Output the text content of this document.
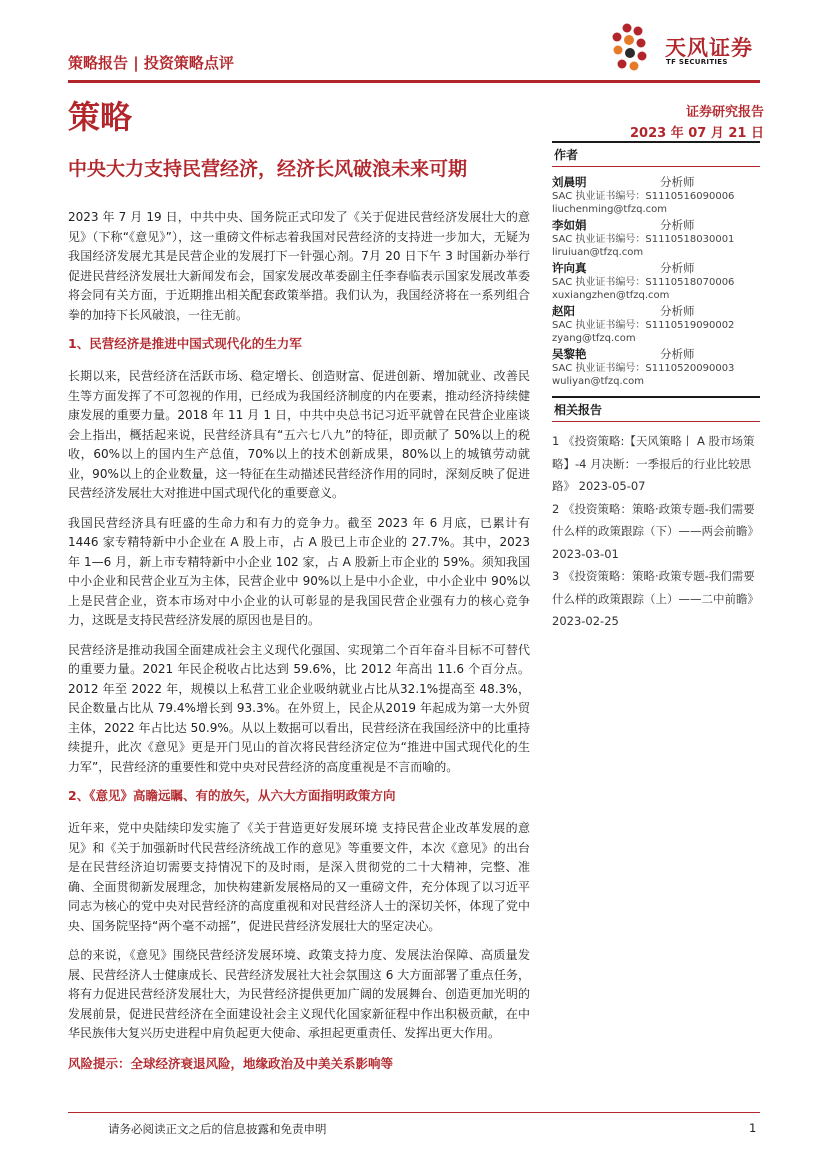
策略报告 | 投资策略点评
天风证券
TF SECURITIES
策略	证券研究报告
2023 年 07 月 21 日
中央大力支持民营经济，经济长风破浪未来可期

2023 年 7 月 19 日，中共中央、国务院正式印发了《关于促进民营经济发展壮大的意见》（下称“《意见》”），这一重磅文件标志着我国对民营经济的支持进一步加大，无疑为我国经济发展尤其是民营企业的发展打下一针强心剂。7月 20 日下午 3 时国新办举行促进民营经济发展壮大新闻发布会，国家发展改革委副主任李春临表示国家发展改革委将会同有关方面，于近期推出相关配套政策举措。我们认为，我国经济将在一系列组合拳的加持下长风破浪，一往无前。

1、民营经济是推进中国式现代化的生力军

长期以来，民营经济在活跃市场、稳定增长、创造财富、促进创新、增加就业、改善民生等方面发挥了不可忽视的作用，已经成为我国经济制度的内在要素，推动经济持续健康发展的重要力量。2018 年 11 月 1 日，中共中央总书记习近平就曾在民营企业座谈会上指出，概括起来说，民营经济具有“五六七八九”的特征，即贡献了 50%以上的税收，60%以上的国内生产总值，70%以上的技术创新成果，80%以上的城镇劳动就业，90%以上的企业数量，这一特征在生动描述民营经济作用的同时，深刻反映了促进民营经济发展壮大对推进中国式现代化的重要意义。

我国民营经济具有旺盛的生命力和有力的竞争力。截至 2023 年 6 月底，已累计有 1446 家专精特新中小企业在 A 股上市，占 A 股已上市企业的 27.7%。其中，2023 年 1—6 月，新上市专精特新中小企业 102 家，占 A 股新上市企业的 59%。须知我国中小企业和民营企业互为主体，民营企业中 90%以上是中小企业，中小企业中 90%以上是民营企业，资本市场对中小企业的认可彰显的是我国民营企业强有力的核心竞争力，这既是支持民营经济发展的原因也是目的。

民营经济是推动我国全面建成社会主义现代化强国、实现第二个百年奋斗目标不可替代的重要力量。2021 年民企税收占比达到 59.6%，比 2012 年高出 11.6 个百分点。2012 年至 2022 年，规模以上私营工业企业吸纳就业占比从32.1%提高至 48.3%，民企数量占比从 79.4%增长到 93.3%。在外贸上，民企从2019 年起成为第一大外贸主体，2022 年占比达 50.9%。从以上数据可以看出，民营经济在我国经济中的比重持续提升，此次《意见》更是开门见山的首次将民营经济定位为“推进中国式现代化的生力军”，民营经济的重要性和党中央对民营经济的高度重视是不言而喻的。

2、《意见》高瞻远瞩、有的放矢，从六大方面指明政策方向

近年来，党中央陆续印发实施了《关于营造更好发展环境 支持民营企业改革发展的意见》和《关于加强新时代民营经济统战工作的意见》等重要文件，本次《意见》的出台是在民营经济迫切需要支持情况下的及时雨，是深入贯彻党的二十大精神，完整、准确、全面贯彻新发展理念，加快构建新发展格局的又一重磅文件，充分体现了以习近平同志为核心的党中央对民营经济的高度重视和对民营经济人士的深切关怀，体现了党中央、国务院坚持“两个毫不动摇”，促进民营经济发展壮大的坚定决心。

总的来说，《意见》围绕民营经济发展环境、政策支持力度、发展法治保障、高质量发展、民营经济人士健康成长、民营经济发展社大社会氛围这 6 大方面部署了重点任务，将有力促进民营经济发展壮大，为民营经济提供更加广阔的发展舞台、创造更加光明的发展前景，促进民营经济在全面建设社会主义现代化国家新征程中作出积极贡献，在中华民族伟大复兴历史进程中肩负起更大使命、承担起更重责任、发挥出更大作用。

风险提示：全球经济衰退风险，地缘政治及中美关系影响等
作者
刘晨明	分析师
SAC 执业证书编号：S1110516090006
liuchenming@tfzq.com
李如娟	分析师
SAC 执业证书编号：S1110518030001
liruiuan@tfzq.com
许向真	分析师
SAC 执业证书编号：S1110518070006
xuxiangzhen@tfzq.com
赵阳	分析师
SAC 执业证书编号：S1110519090002
zyang@tfzq.com
吴黎艳	分析师
SAC 执业证书编号：S1110520090003
wuliyan@tfzq.com
相关报告
1 《投资策略:【天风策略丨 A 股市场策略】-4 月决断：一季报后的行业比较思路》 2023-05-07
2 《投资策略：策略·政策专题-我们需要什么样的政策跟踪（下）——两会前瞻》 2023-03-01
3 《投资策略：策略·政策专题-我们需要什么样的政策跟踪（上）——二中前瞻》 2023-02-25
请务必阅读正文之后的信息披露和免责申明	1
